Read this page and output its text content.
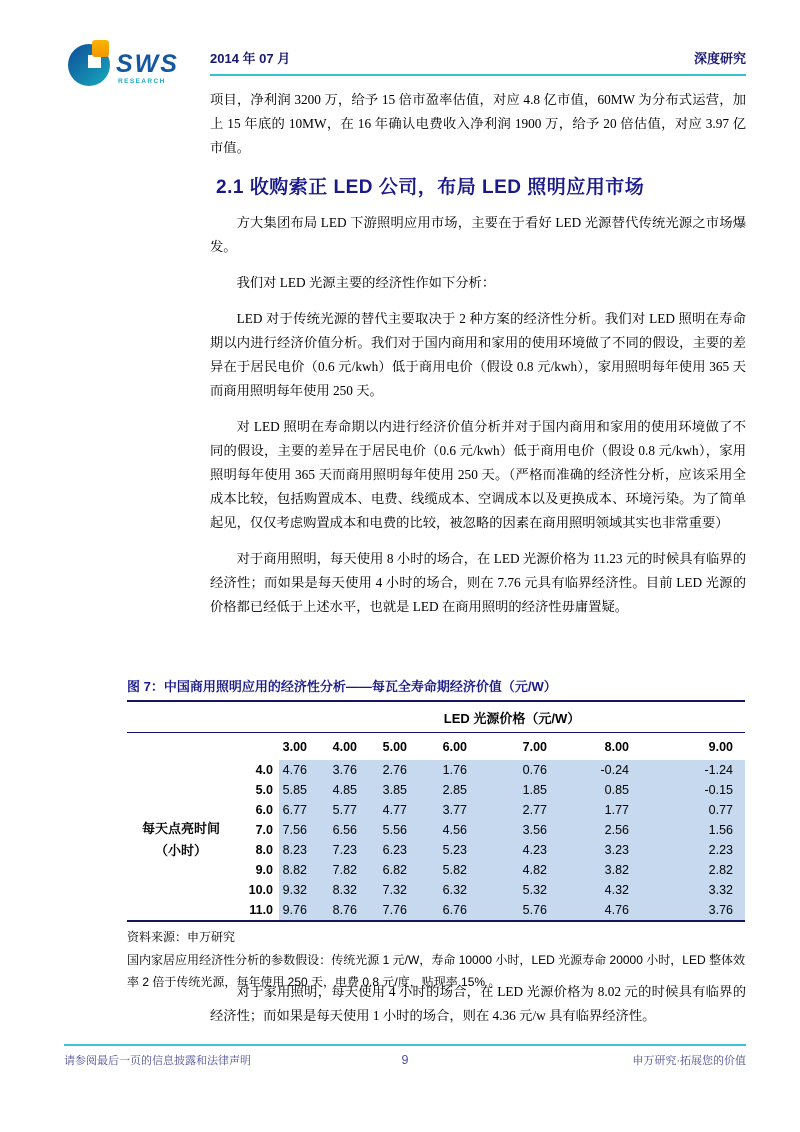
SWS
RESEARCH
2014 年 07 月	深度研究

项目，净利润 3200 万，给予 15 倍市盈率估值，对应 4.8 亿市值，60MW 为分布式运营，加上 15 年底的 10MW，在 16 年确认电费收入净利润 1900 万，给予 20 倍估值，对应 3.97 亿市值。

2.1 收购索正 LED 公司，布局 LED 照明应用市场

方大集团布局 LED 下游照明应用市场，主要在于看好 LED 光源替代传统光源之市场爆发。

我们对 LED 光源主要的经济性作如下分析：

LED 对于传统光源的替代主要取决于 2 种方案的经济性分析。我们对 LED 照明在寿命期以内进行经济价值分析。我们对于国内商用和家用的使用环境做了不同的假设，主要的差异在于居民电价（0.6 元/kwh）低于商用电价（假设 0.8 元/kwh），家用照明每年使用 365 天而商用照明每年使用 250 天。

对 LED 照明在寿命期以内进行经济价值分析并对于国内商用和家用的使用环境做了不同的假设，主要的差异在于居民电价（0.6 元/kwh）低于商用电价（假设 0.8 元/kwh），家用照明每年使用 365 天而商用照明每年使用 250 天。（严格而准确的经济性分析，应该采用全成本比较，包括购置成本、电费、线缆成本、空调成本以及更换成本、环境污染。为了简单起见，仅仅考虑购置成本和电费的比较，被忽略的因素在商用照明领域其实也非常重要）

对于商用照明，每天使用 8 小时的场合，在 LED 光源价格为 11.23 元的时候具有临界的经济性；而如果是每天使用 4 小时的场合，则在 7.76 元具有临界经济性。目前 LED 光源的价格都已经低于上述水平，也就是 LED 在商用照明的经济性毋庸置疑。

图 7：中国商用照明应用的经济性分析——每瓦全寿命期经济价值（元/W）
		LED 光源价格（元/W）						
		3.00	4.00	5.00	6.00	7.00	8.00	9.00

每天点亮时间
（小时）	4.0	4.76	3.76	2.76	1.76	0.76	-0.24	-1.24
	5.0	5.85	4.85	3.85	2.85	1.85	0.85	-0.15
	6.0	6.77	5.77	4.77	3.77	2.77	1.77	0.77
	7.0	7.56	6.56	5.56	4.56	3.56	2.56	1.56
	8.0	8.23	7.23	6.23	5.23	4.23	3.23	2.23
	9.0	8.82	7.82	6.82	5.82	4.82	3.82	2.82
	10.0	9.32	8.32	7.32	6.32	5.32	4.32	3.32
	11.0	9.76	8.76	7.76	6.76	5.76	4.76	3.76
资料来源：申万研究
国内家居应用经济性分析的参数假设：传统光源 1 元/W，寿命 10000 小时，LED 光源寿命 20000 小时，LED 整体效率 2 倍于传统光源，每年使用 250 天，电费 0.8 元/度，贴现率 15% 。

对于家用照明，每天使用 4 小时的场合，在 LED 光源价格为 8.02 元的时候具有临界的经济性；而如果是每天使用 1 小时的场合，则在 4.36 元/w 具有临界经济性。

请参阅最后一页的信息披露和法律声明	9	申万研究·拓展您的价值
